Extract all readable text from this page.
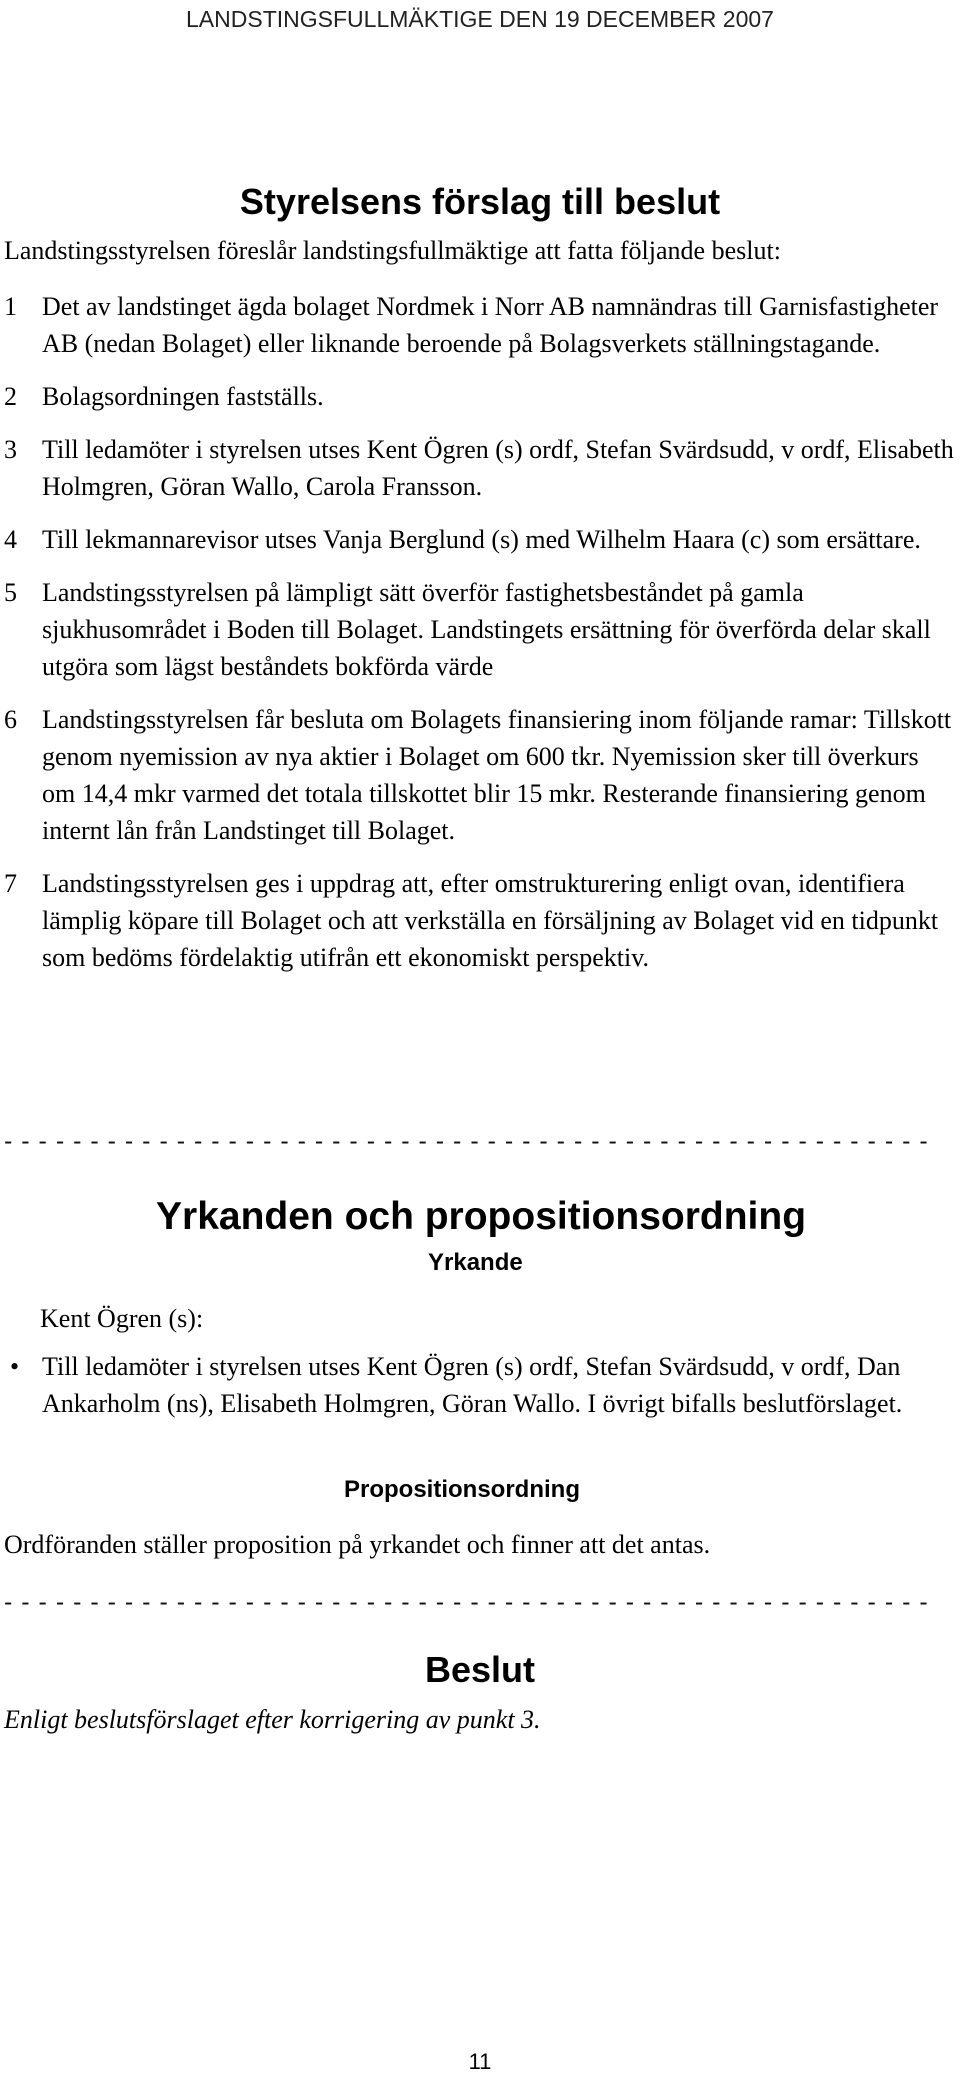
LANDSTINGSFULLMÄKTIGE DEN 19 DECEMBER 2007
Styrelsens förslag till beslut
Landstingsstyrelsen föreslår landstingsfullmäktige att fatta följande beslut:
1 Det av landstinget ägda bolaget Nordmek i Norr AB namnändras till Garnisfastigheter AB (nedan Bolaget) eller liknande beroende på Bolagsverkets ställningstagande.
2 Bolagsordningen fastställs.
3 Till ledamöter i styrelsen utses Kent Ögren (s) ordf, Stefan Svärdsudd, v ordf, Elisabeth Holmgren, Göran Wallo, Carola Fransson.
4 Till lekmannarevisor utses Vanja Berglund (s) med Wilhelm Haara (c) som ersättare.
5 Landstingsstyrelsen på lämpligt sätt överför fastighetsbeståndet på gamla sjukhusområdet i Boden till Bolaget. Landstingets ersättning för överförda delar skall utgöra som lägst beståndets bokförda värde
6 Landstingsstyrelsen får besluta om Bolagets finansiering inom följande ramar: Tillskott genom nyemission av nya aktier i Bolaget om 600 tkr. Nyemission sker till överkurs om 14,4 mkr varmed det totala tillskottet blir 15 mkr. Resterande finansiering genom internt lån från Landstinget till Bolaget.
7 Landstingsstyrelsen ges i uppdrag att, efter omstrukturering enligt ovan, identifiera lämplig köpare till Bolaget och att verkställa en försäljning av Bolaget vid en tidpunkt som bedöms fördelaktig utifrån ett ekonomiskt perspektiv.
- - - - - - - - - - - - - - - - - - - - - - - - - - - - - - - - - - - - - - - - - - - - - - - - - - - - - -
Yrkanden och propositionsordning
Yrkande
Kent Ögren (s):
• Till ledamöter i styrelsen utses Kent Ögren (s) ordf, Stefan Svärdsudd, v ordf, Dan Ankarholm (ns), Elisabeth Holmgren, Göran Wallo. I övrigt bifalls beslutförslaget.
Propositionsordning
Ordföranden ställer proposition på yrkandet och finner att det antas.
- - - - - - - - - - - - - - - - - - - - - - - - - - - - - - - - - - - - - - - - - - - - - - - - - - - - - -
Beslut
Enligt beslutsförslaget efter korrigering av punkt 3.
11
